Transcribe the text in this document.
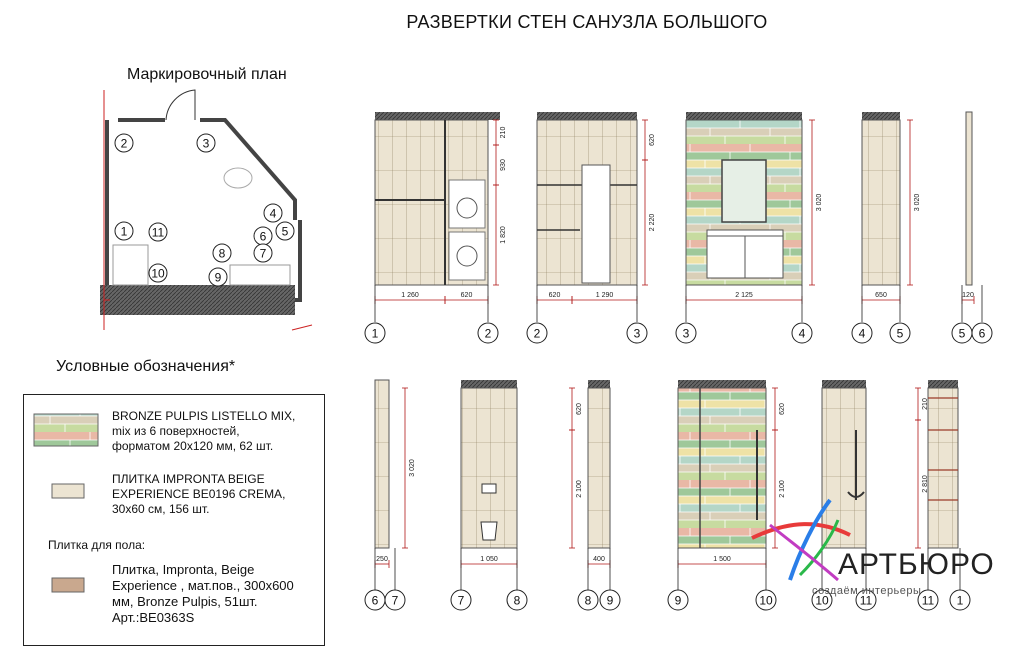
РАЗВЕРТКИ СТЕН САНУЗЛА БОЛЬШОГО
Маркировочный план
Условные обозначения*
2	3
4
5
6
7
8
9
10
11
1
1 260	620	620	1 290	2 125	650	120
210
930
1 820
620
2 220
3 020	3 020
250	1 050	400	1 500
3 020
620
2 100
620
2 100
210
2 810
1	2	2	3	3	4	4	5	5 6
6 7	7	8	8 9	9	10	10	11	11 1
BRONZE PULPIS LISTELLO MIX,
mix из 6 поверхностей,
форматом 20x120 мм, 62 шт.
ПЛИТКА IMPRONTA BEIGE
EXPERIENCE BE0196 CREMA,
30x60 см, 156 шт.
Плитка для пола:
Плитка, Impronta, Beige
Experience , мат.пов., 300x600
мм, Bronze Pulpis, 51шт.
Арт.:BE0363S
АРТБЮРО
создаём интерьеры
